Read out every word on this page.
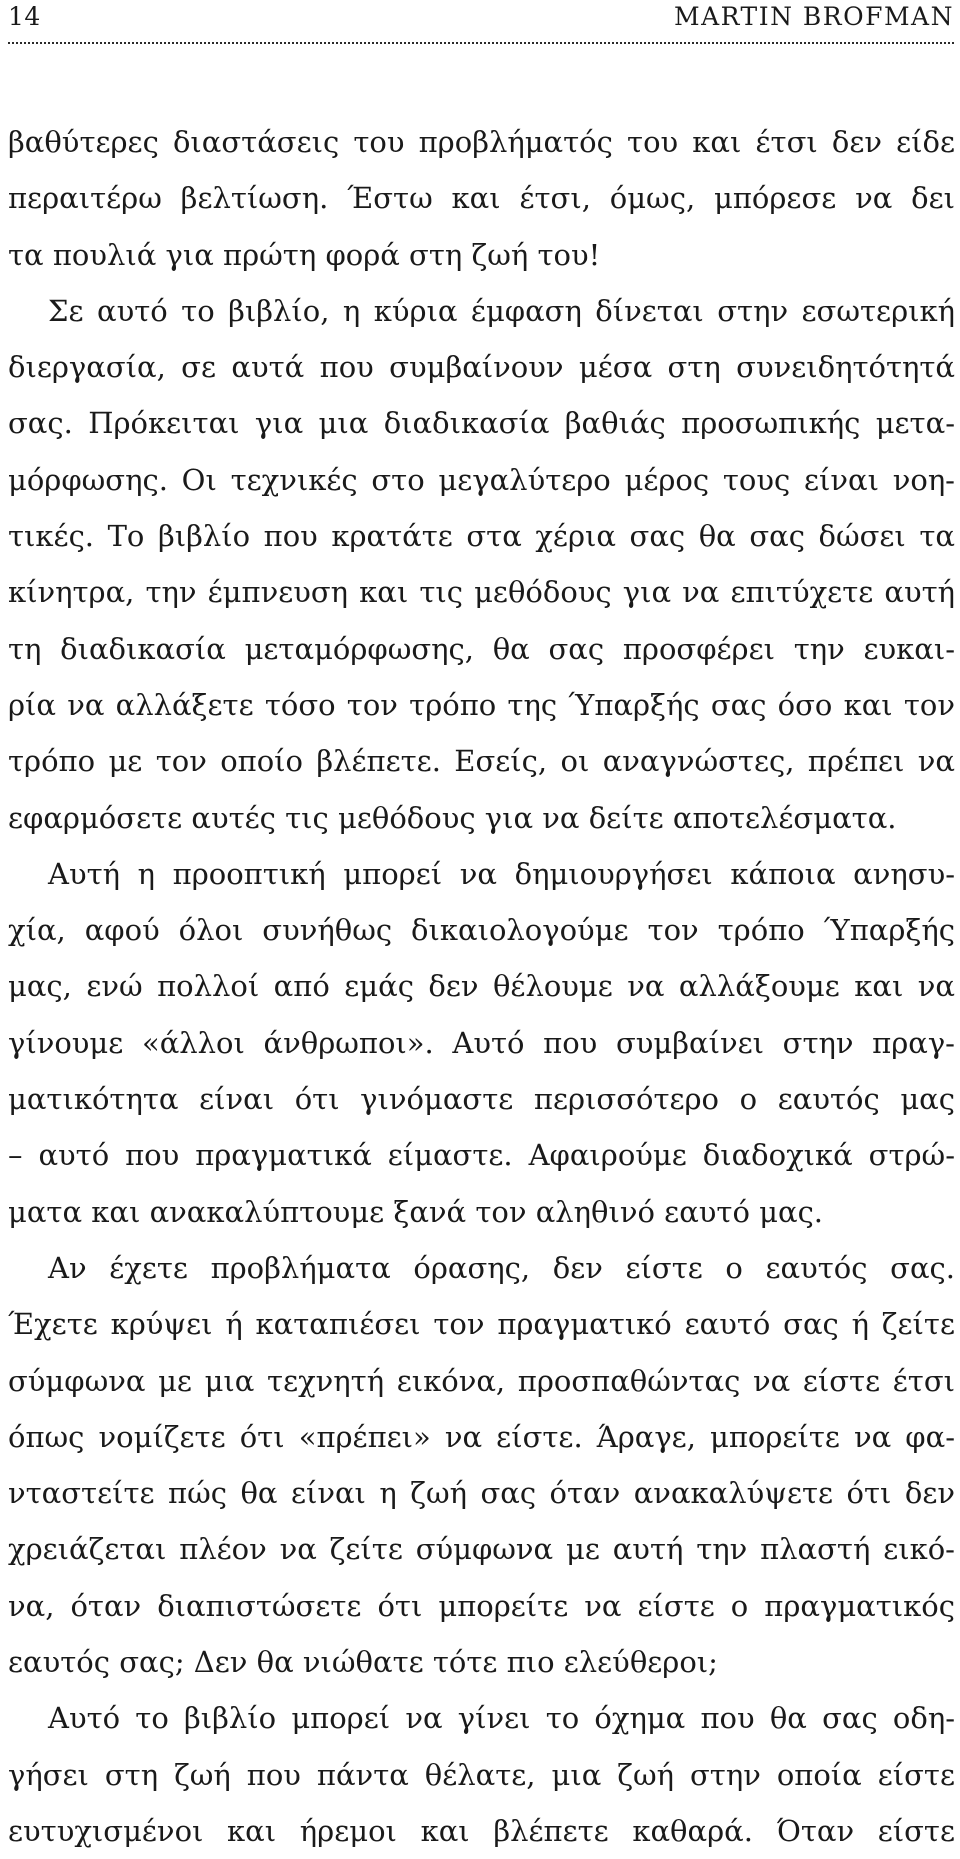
14	MARTIN BROFMAN
βαθύτερες διαστάσεις του προβλήματός του και έτσι δεν είδε
περαιτέρω βελτίωση. Έστω και έτσι, όμως, μπόρεσε να δει
τα πουλιά για πρώτη φορά στη ζωή του!
Σε αυτό το βιβλίο, η κύρια έμφαση δίνεται στην εσωτερική
διεργασία, σε αυτά που συμβαίνουν μέσα στη συνειδητότητά
σας. Πρόκειται για μια διαδικασία βαθιάς προσωπικής μετα-
μόρφωσης. Οι τεχνικές στο μεγαλύτερο μέρος τους είναι νοη-
τικές. Το βιβλίο που κρατάτε στα χέρια σας θα σας δώσει τα
κίνητρα, την έμπνευση και τις μεθόδους για να επιτύχετε αυτή
τη διαδικασία μεταμόρφωσης, θα σας προσφέρει την ευκαι-
ρία να αλλάξετε τόσο τον τρόπο της Ύπαρξής σας όσο και τον
τρόπο με τον οποίο βλέπετε. Εσείς, οι αναγνώστες, πρέπει να
εφαρμόσετε αυτές τις μεθόδους για να δείτε αποτελέσματα.
Αυτή η προοπτική μπορεί να δημιουργήσει κάποια ανησυ-
χία, αφού όλοι συνήθως δικαιολογούμε τον τρόπο Ύπαρξής
μας, ενώ πολλοί από εμάς δεν θέλουμε να αλλάξουμε και να
γίνουμε «άλλοι άνθρωποι». Αυτό που συμβαίνει στην πραγ-
ματικότητα είναι ότι γινόμαστε περισσότερο ο εαυτός μας
– αυτό που πραγματικά είμαστε. Αφαιρούμε διαδοχικά στρώ-
ματα και ανακαλύπτουμε ξανά τον αληθινό εαυτό μας.
Αν έχετε προβλήματα όρασης, δεν είστε ο εαυτός σας.
Έχετε κρύψει ή καταπιέσει τον πραγματικό εαυτό σας ή ζείτε
σύμφωνα με μια τεχνητή εικόνα, προσπαθώντας να είστε έτσι
όπως νομίζετε ότι «πρέπει» να είστε. Άραγε, μπορείτε να φα-
νταστείτε πώς θα είναι η ζωή σας όταν ανακαλύψετε ότι δεν
χρειάζεται πλέον να ζείτε σύμφωνα με αυτή την πλαστή εικό-
να, όταν διαπιστώσετε ότι μπορείτε να είστε ο πραγματικός
εαυτός σας; Δεν θα νιώθατε τότε πιο ελεύθεροι;
Αυτό το βιβλίο μπορεί να γίνει το όχημα που θα σας οδη-
γήσει στη ζωή που πάντα θέλατε, μια ζωή στην οποία είστε
ευτυχισμένοι και ήρεμοι και βλέπετε καθαρά. Όταν είστε
